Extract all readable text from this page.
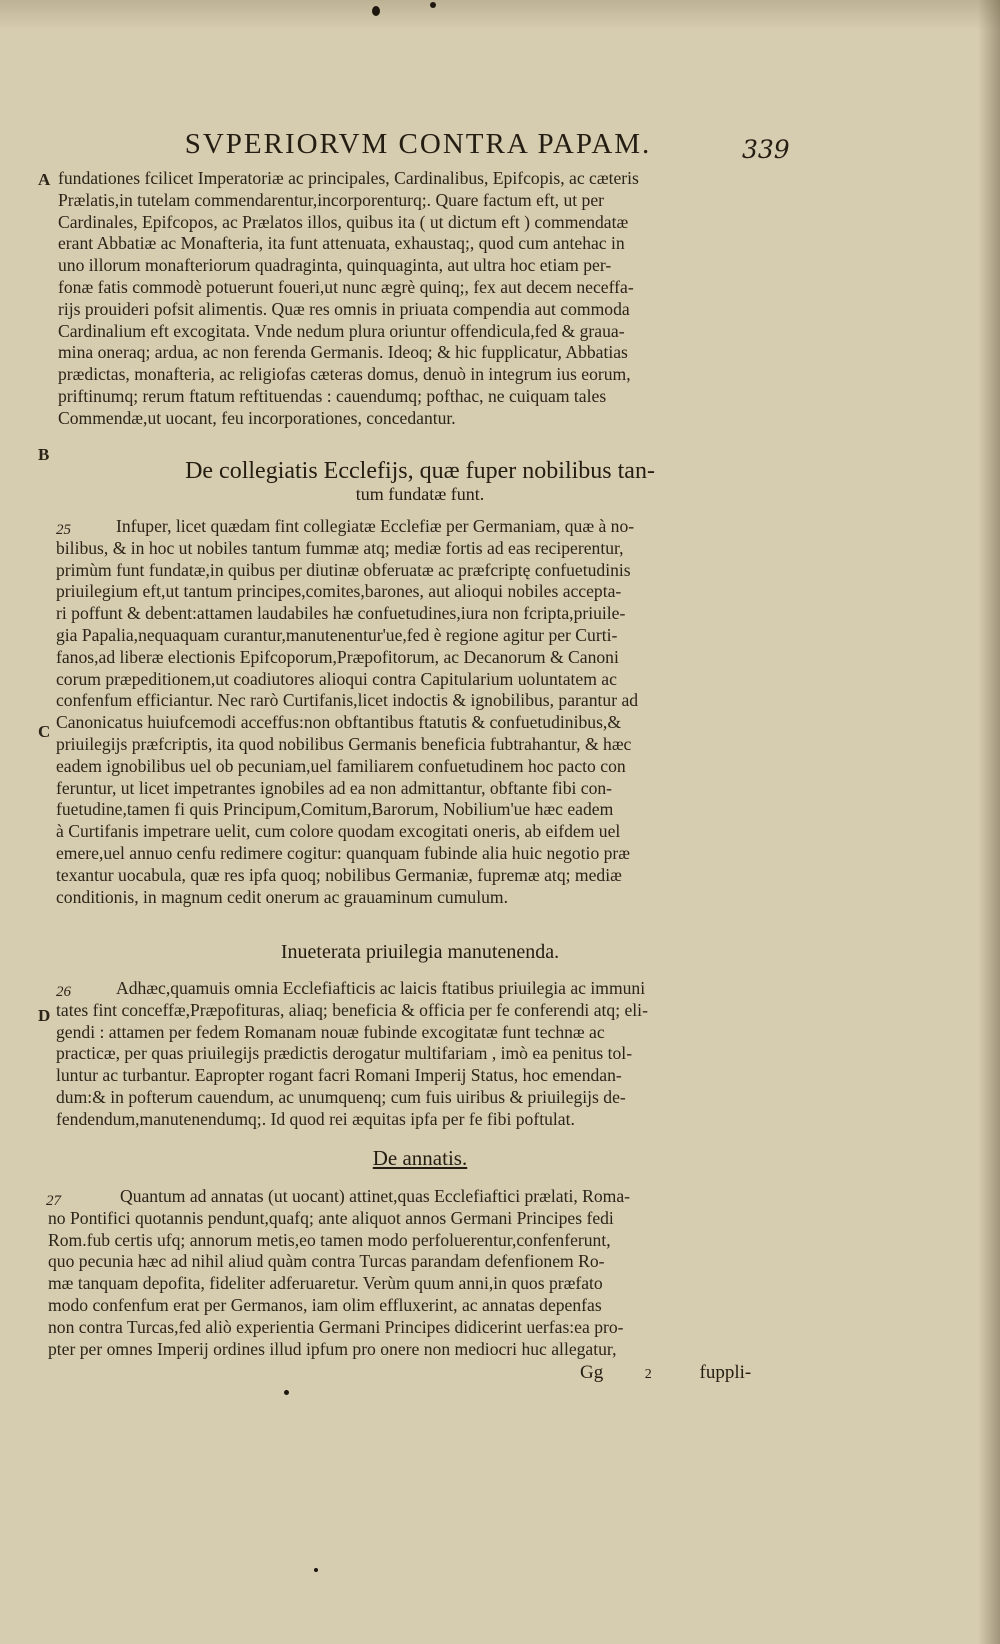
SVPERIORVM CONTRA PAPAM.	339
A
B
25
C
26
D
27
fundationes fcilicet Imperatoriæ ac principales, Cardinalibus, Epifcopis, ac cæteris
Prælatis,in tutelam commendarentur,incorporenturq;. Quare factum eft, ut per
Cardinales, Epifcopos, ac Prælatos illos, quibus ita ( ut dictum eft ) commendatæ
erant Abbatiæ ac Monafteria, ita funt attenuata, exhaustaq;, quod cum antehac in
uno illorum monafteriorum quadraginta, quinquaginta, aut ultra hoc etiam per-
fonæ fatis commodè potuerunt foueri,ut nunc ægrè quinq;, fex aut decem neceffa-
rijs prouideri pofsit alimentis. Quæ res omnis in priuata compendia aut commoda
Cardinalium eft excogitata. Vnde nedum plura oriuntur offendicula,fed & graua-
mina oneraq; ardua, ac non ferenda Germanis. Ideoq; & hic fupplicatur, Abbatias
prædictas, monafteria, ac religiofas cæteras domus, denuò in integrum ius eorum,
priftinumq; rerum ftatum reftituendas : cauendumq; pofthac, ne cuiquam tales
Commendæ,ut uocant, feu incorporationes, concedantur.
De collegiatis Ecclefijs, quæ fuper nobilibus tan-
tum fundatæ funt.
Infuper, licet quædam fint collegiatæ Ecclefiæ per Germaniam, quæ à no-
bilibus, & in hoc ut nobiles tantum fummæ atq; mediæ fortis ad eas reciperentur,
primùm funt fundatæ,in quibus per diutinæ obferuatæ ac præfcriptę confuetudinis
priuilegium eft,ut tantum principes,comites,barones, aut alioqui nobiles accepta-
ri poffunt & debent:attamen laudabiles hæ confuetudines,iura non fcripta,priuile-
gia Papalia,nequaquam curantur,manutenentur'ue,fed è regione agitur per Curti-
fanos,ad liberæ electionis Epifcoporum,Præpofitorum, ac Decanorum & Canoni
corum præpeditionem,ut coadiutores alioqui contra Capitularium uoluntatem ac
confenfum efficiantur. Nec rarò Curtifanis,licet indoctis & ignobilibus, parantur ad
Canonicatus huiufcemodi acceffus:non obftantibus ftatutis & confuetudinibus,&
priuilegijs præfcriptis, ita quod nobilibus Germanis beneficia fubtrahantur, & hæc
eadem ignobilibus uel ob pecuniam,uel familiarem confuetudinem hoc pacto con
feruntur, ut licet impetrantes ignobiles ad ea non admittantur, obftante fibi con-
fuetudine,tamen fi quis Principum,Comitum,Barorum, Nobilium'ue hæc eadem
à Curtifanis impetrare uelit, cum colore quodam excogitati oneris, ab eifdem uel
emere,uel annuo cenfu redimere cogitur: quanquam fubinde alia huic negotio præ
texantur uocabula, quæ res ipfa quoq; nobilibus Germaniæ, fupremæ atq; mediæ
conditionis, in magnum cedit onerum ac grauaminum cumulum.
Inueterata priuilegia manutenenda.
Adhæc,quamuis omnia Ecclefiafticis ac laicis ftatibus priuilegia ac immuni
tates fint conceffæ,Præpofituras, aliaq; beneficia & officia per fe conferendi atq; eli-
gendi : attamen per fedem Romanam nouæ fubinde excogitatæ funt technæ ac
practicæ, per quas priuilegijs prædictis derogatur multifariam , imò ea penitus tol-
luntur ac turbantur. Eapropter rogant facri Romani Imperij Status, hoc emendan-
dum:& in pofterum cauendum, ac unumquenq; cum fuis uiribus & priuilegijs de-
fendendum,manutenendumq;. Id quod rei æquitas ipfa per fe fibi poftulat.
De annatis.
Quantum ad annatas (ut uocant) attinet,quas Ecclefiaftici prælati, Roma-
no Pontifici quotannis pendunt,quafq; ante aliquot annos Germani Principes fedi
Rom.fub certis ufq; annorum metis,eo tamen modo perfoluerentur,confenferunt,
quo pecunia hæc ad nihil aliud quàm contra Turcas parandam defenfionem Ro-
mæ tanquam depofita, fideliter adferuaretur. Verùm quum anni,in quos præfato
modo confenfum erat per Germanos, iam olim effluxerint, ac annatas depenfas
non contra Turcas,fed aliò experientia Germani Principes didicerint uerfas:ea pro-
pter per omnes Imperij ordines illud ipfum pro onere non mediocri huc allegatur,
Gg	2	fuppli-
